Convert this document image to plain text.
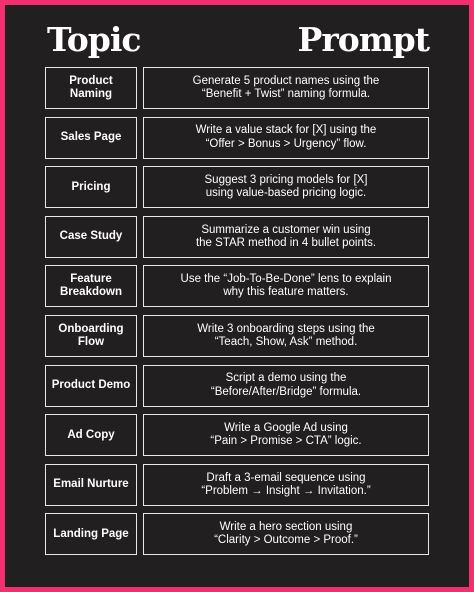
Topic	Prompt
Product Naming
Generate 5 product names using the
“Benefit + Twist” naming formula.
Sales Page
Write a value stack for [X] using the
“Offer > Bonus > Urgency” flow.
Pricing
Suggest 3 pricing models for [X]
using value-based pricing logic.
Case Study
Summarize a customer win using
the STAR method in 4 bullet points.
Feature Breakdown
Use the “Job-To-Be-Done” lens to explain
why this feature matters.
Onboarding Flow
Write 3 onboarding steps using the
“Teach, Show, Ask” method.
Product Demo
Script a demo using the
“Before/After/Bridge” formula.
Ad Copy
Write a Google Ad using
“Pain > Promise > CTA” logic.
Email Nurture
Draft a 3-email sequence using
“Problem → Insight → Invitation.”
Landing Page
Write a hero section using
“Clarity > Outcome > Proof.”
